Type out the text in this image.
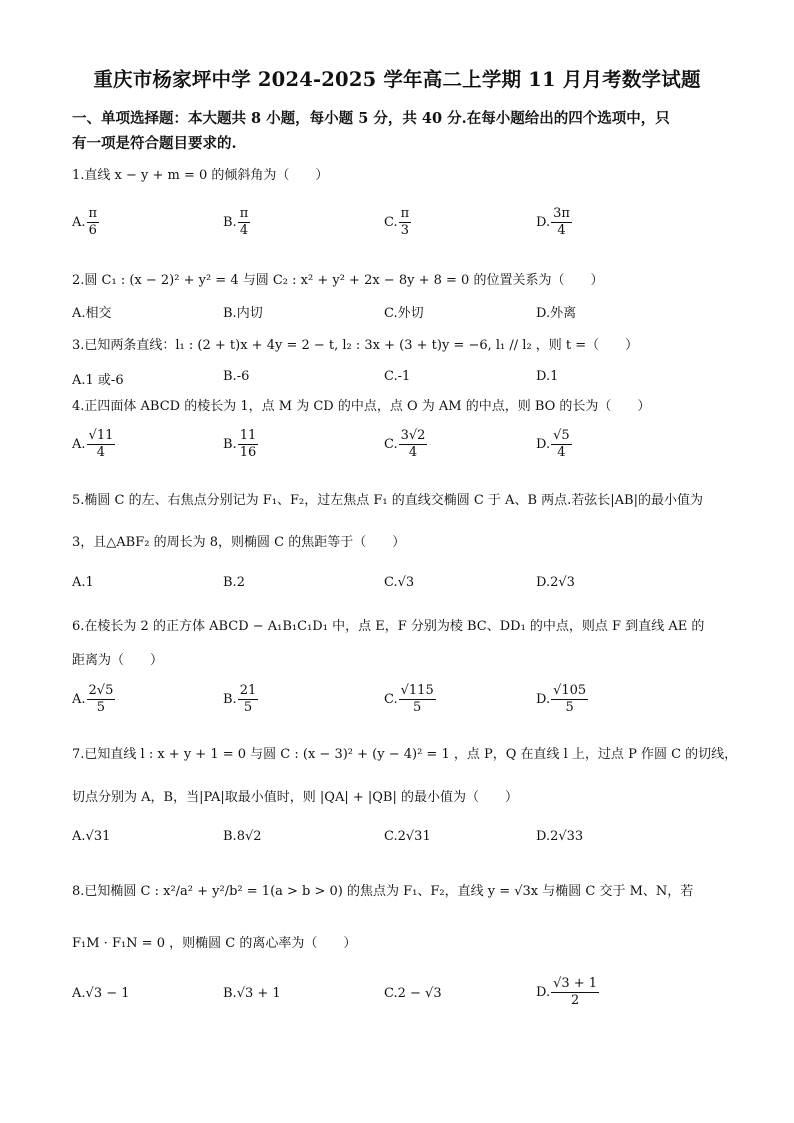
重庆市杨家坪中学 2024-2025 学年高二上学期 11 月月考数学试题
一、单项选择题：本大题共 8 小题，每小题 5 分，共 40 分.在每小题给出的四个选项中，只
有一项是符合题目要求的.
1.直线 x − y + m = 0 的倾斜角为（　　）
A. $\frac{\pi}{6}$	B. $\frac{\pi}{4}$	C. $\frac{\pi}{3}$	D. $\frac{3\pi}{4}$
2.圆 C₁ : (x − 2)² + y² = 4 与圆 C₂ : x² + y² + 2x − 8y + 8 = 0 的位置关系为（　　）
A.相交	B.内切	C.外切	D.外离
3.已知两条直线：l₁ : (2 + t)x + 4y = 2 − t, l₂ : 3x + (3 + t)y = −6, l₁ // l₂ ，则 t =（　　）
A.1 或-6	B.-6	C.-1	D.1
4.正四面体 ABCD 的棱长为 1，点 M 为 CD 的中点，点 O 为 AM 的中点，则 BO 的长为（　　）
A. $\frac{√11}{4}$	B. $\frac{11}{16}$	C. $\frac{3√2}{4}$	D. $\frac{√5}{4}$
5.椭圆 C 的左、右焦点分别记为 F₁、F₂，过左焦点 F₁ 的直线交椭圆 C 于 A、B 两点.若弦长|AB|的最小值为
3，且△ABF₂ 的周长为 8，则椭圆 C 的焦距等于（　　）
A.1	B.2	C.√3	D.2√3
6.在棱长为 2 的正方体 ABCD − A₁B₁C₁D₁ 中，点 E，F 分别为棱 BC、DD₁ 的中点，则点 F 到直线 AE 的
距离为（　　）
A. $\frac{2√5}{5}$	B. $\frac{21}{5}$	C. $\frac{√115}{5}$	D. $\frac{√105}{5}$
7.已知直线 l : x + y + 1 = 0 与圆 C : (x − 3)² + (y − 4)² = 1 ，点 P，Q 在直线 l 上，过点 P 作圆 C 的切线，
切点分别为 A，B，当|PA|取最小值时，则 |QA| + |QB| 的最小值为（　　）
A.√31	B.8√2	C.2√31	D.2√33
8.已知椭圆 C : x²/a² + y²/b² = 1(a > b > 0) 的焦点为 F₁、F₂，直线 y = √3x 与椭圆 C 交于 M、N，若
F₁M · F₁N = 0 ，则椭圆 C 的离心率为（　　）
A.√3 − 1	B.√3 + 1	C.2 − √3	D. $\frac{√3 + 1}{2}$
